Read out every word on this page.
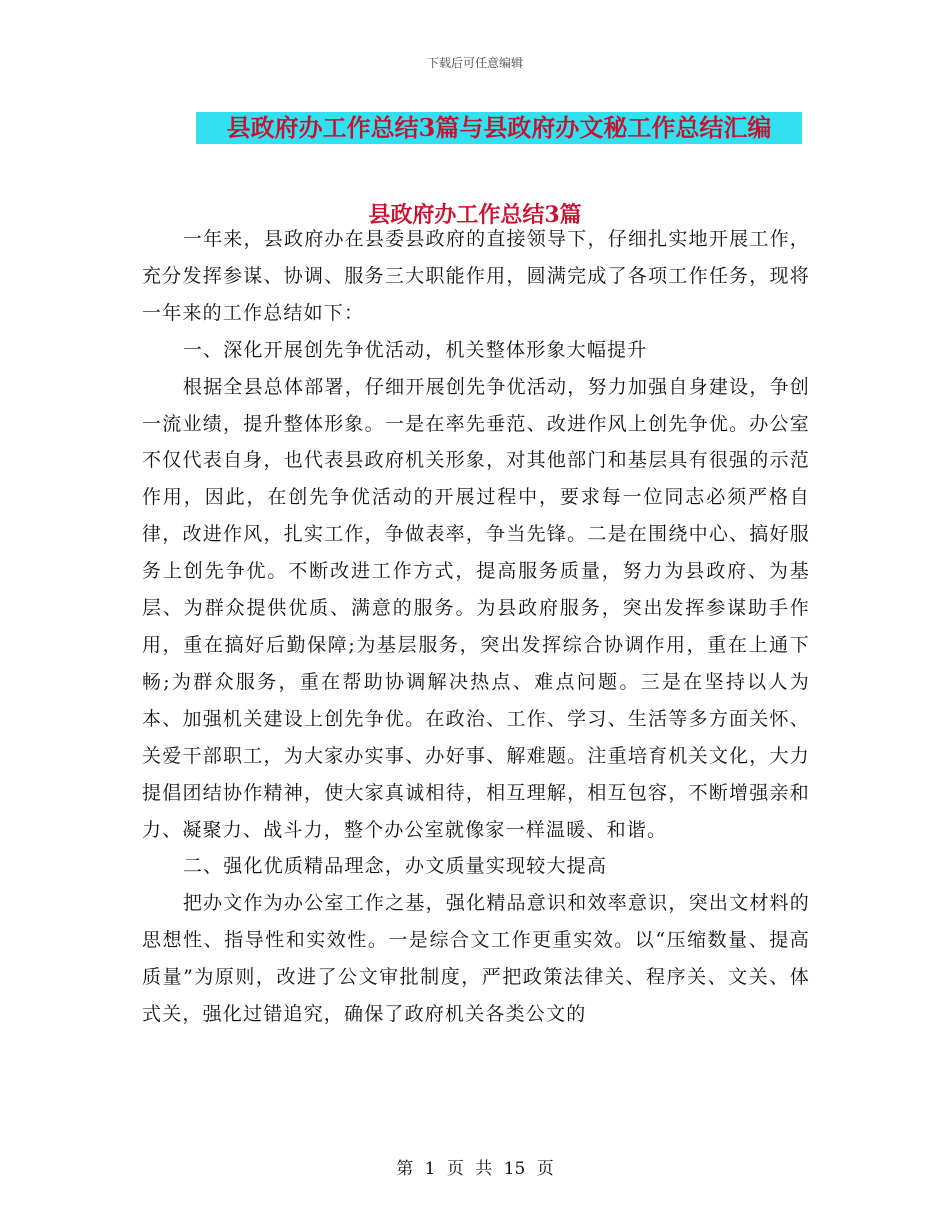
下载后可任意编辑
县政府办工作总结3篇与县政府办文秘工作总结汇编
县政府办工作总结3篇

一年来，县政府办在县委县政府的直接领导下，仔细扎实地开展工作，充分发挥参谋、协调、服务三大职能作用，圆满完成了各项工作任务，现将一年来的工作总结如下：

一、深化开展创先争优活动，机关整体形象大幅提升

根据全县总体部署，仔细开展创先争优活动，努力加强自身建设，争创一流业绩，提升整体形象。一是在率先垂范、改进作风上创先争优。办公室不仅代表自身，也代表县政府机关形象，对其他部门和基层具有很强的示范作用，因此，在创先争优活动的开展过程中，要求每一位同志必须严格自律，改进作风，扎实工作，争做表率，争当先锋。二是在围绕中心、搞好服务上创先争优。不断改进工作方式，提高服务质量，努力为县政府、为基层、为群众提供优质、满意的服务。为县政府服务，突出发挥参谋助手作用，重在搞好后勤保障;为基层服务，突出发挥综合协调作用，重在上通下畅;为群众服务，重在帮助协调解决热点、难点问题。三是在坚持以人为本、加强机关建设上创先争优。在政治、工作、学习、生活等多方面关怀、关爱干部职工，为大家办实事、办好事、解难题。注重培育机关文化，大力提倡团结协作精神，使大家真诚相待，相互理解，相互包容，不断增强亲和力、凝聚力、战斗力，整个办公室就像家一样温暖、和谐。

二、强化优质精品理念，办文质量实现较大提高

把办文作为办公室工作之基，强化精品意识和效率意识，突出文材料的思想性、指导性和实效性。一是综合文工作更重实效。以“压缩数量、提高质量”为原则，改进了公文审批制度，严把政策法律关、程序关、文关、体式关，强化过错追究，确保了政府机关各类公文的

第 1 页 共 15 页
